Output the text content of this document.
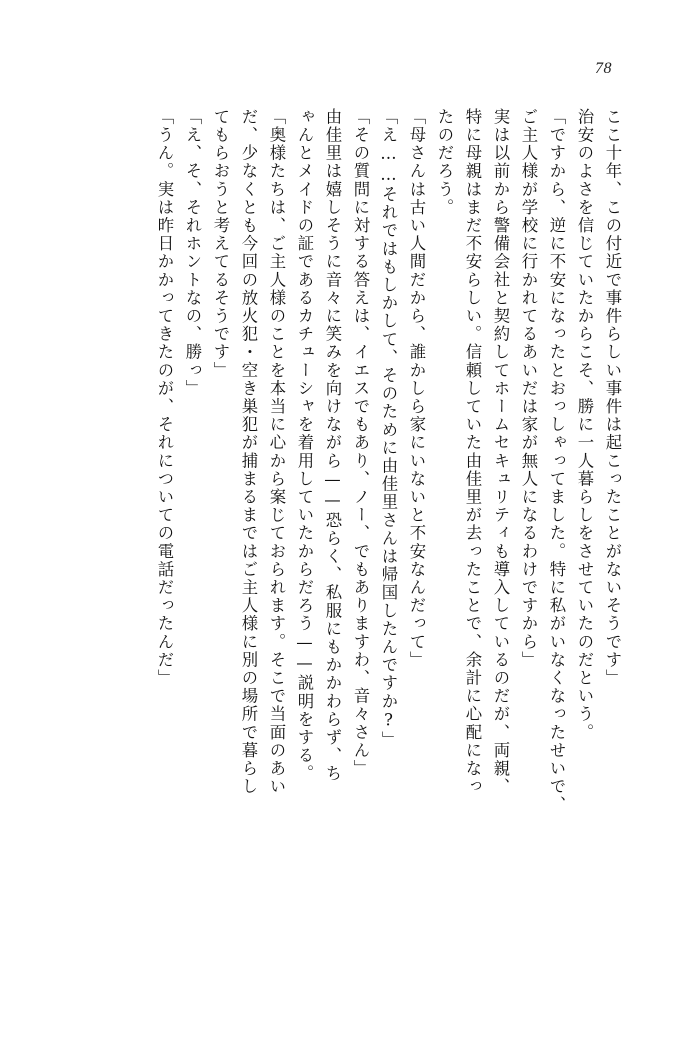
78
ここ十年、この付近で事件らしい事件は起こったことがないそうです」
治安のよさを信じていたからこそ、勝に一人暮らしをさせていたのだという。
「ですから、逆に不安になったとおっしゃってました。特に私がいなくなったせいで、
ご主人様が学校に行かれてるあいだは家が無人になるわけですから」
実は以前から警備会社と契約してホームセキュリティも導入しているのだが、両親、
特に母親はまだ不安らしい。信頼していた由佳里が去ったことで、余計に心配になっ
たのだろう。
「母さんは古い人間だから、誰かしら家にいないと不安なんだって」
「え……それではもしかして、そのために由佳里さんは帰国したんですか?」
「その質問に対する答えは、イエスでもあり、ノー、でもありますわ、音々さん」
由佳里は嬉しそうに音々に笑みを向けながら——恐らく、私服にもかかわらず、ち
ゃんとメイドの証であるカチューシャを着用していたからだろう——説明をする。
「奥様たちは、ご主人様のことを本当に心から案じておられます。そこで当面のあい
だ、少なくとも今回の放火犯・空き巣犯が捕まるまではご主人様に別の場所で暮らし
てもらおうと考えてるそうです」
「え、そ、それホントなの、勝っ」
「うん。実は昨日かかってきたのが、それについての電話だったんだ」
